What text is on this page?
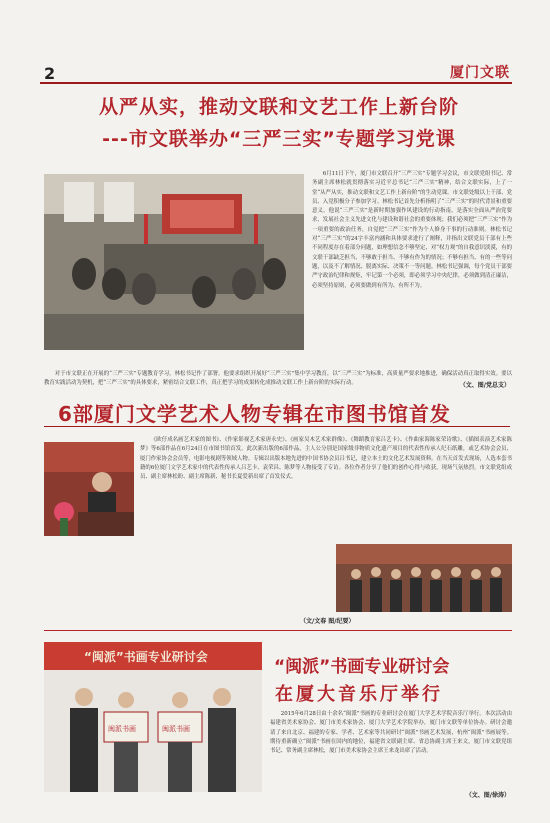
2	厦门文联
从严从实，推动文联和文艺工作上新台阶
---市文联举办“三严三实”专题学习党课

6月11日下午，厦门市文联召开“三严三实”专题学习会议，市文联党组书记、常务副主席林松就贯彻落实习近平总书记“三严三实”精神，结合文联实际，上了一堂“从严从实，推动文联和文艺工作上新台阶”的生动党课。市文联处级以上干部、党员、入党积极分子参加学习。林松书记首先分析指明了“三严三实”的时代背景和重要意义。他说“三严三实”是新时期加强作风建设的行动指南，是落实全面从严治党要求，发展社会主义先进文化与建设和谐社会的重要体现；我们必须把“三严三实”作为一项重要的政治任务，自觉把“三严三实”作为个人修身干事的行动准则。林松书记对“三严三实”的24字丰富内涵和具体要求进行了阐释，并指出文联党员干部有上些不同程度存在着部分问题，如理想信念不够坚定、对“权力观”的自我意识淡漠，有的文联干部缺乏担当、不够敢于担当、不够有作为的情况；不够有担当、有的一些等问题，以及不了解情况、脱离实际、决策不一等问题。林松书记强调，每个党员干部要严守政治纪律和规矩，牢记第一个必须，即必须学习中央纪律，必须做到清正廉洁，必须坚持原则，必须要做到有所为、有所不为。

对于市文联正在开展的“三严三实”专题教育学习，林松书记作了部署。他要求组织开展好“三严三实”集中学习教育，以“三严三实”为标准，高质量严要求地推进，确保活动真正取得实效。要以教育实践活动为契机，把“三严三实”的具体要求，紧密结合文联工作，真正把学习的成果转化成推动文联工作上新台阶的实际行动。	（文、图/党总支）
6部厦门文学艺术人物专辑在市图书馆首发

《欧仔成名画艺术家的图书》、《作家影视艺术家唐永史》、《画家吴木艺术家群像》、《舞蹈教育家吕艺卡》、《作曲家海陈家荣诗歌》、《插图表演艺术家陈梦》等6部作品在6月24日在市图书馆首发。此次新出版的6部作品，主人公分别是国家级非物质文化遗产项目的代表性传承人纪石纸雕，或艺术协会会员、厦门作家协会会员等，电影电视剧等领域人物。专辑以出版本地先进的中国书协会员吕书记，建立本土的文化艺术发展资料。在当天首发式现场，人选本套书籍的6位厦门文学艺术家中的代表性传承人吕艺卡、袁荣昌、陈梦等人物接受了专访。各位作者分享了他们的创作心得与收获，现场气氛热烈。市文联党组成员、副主席林松盼、副主席陈新、秘书长夏爱新出席了首发仪式。

（文/文春 图/纪要）
“闽派”书画专业研讨会
闽派书画	闽派书画
“闽派”书画专业研讨会
在厦大音乐厅举行

2015年6月28日由十余名“闽派”书画的专业研讨会在厦门大学艺术学院音乐厅举行。本次活动由福建省美术家协会、厦门市美术家协会、厦门大学艺术学院举办，厦门市文联等单位协办。研讨会邀请了来自北京、福建的专家、学者、艺术家等共同研讨“闽派”书画艺术发展，杭州“闽派”书画展等。期待重新确立“闽派”书画在国内的地位，福建省文联副主席、省总协副主席王来文，厦门市文联党组书记、常务副主席林松，厦门市美术家协会主席王来龙出席了活动。

（文、图/徐涛）
